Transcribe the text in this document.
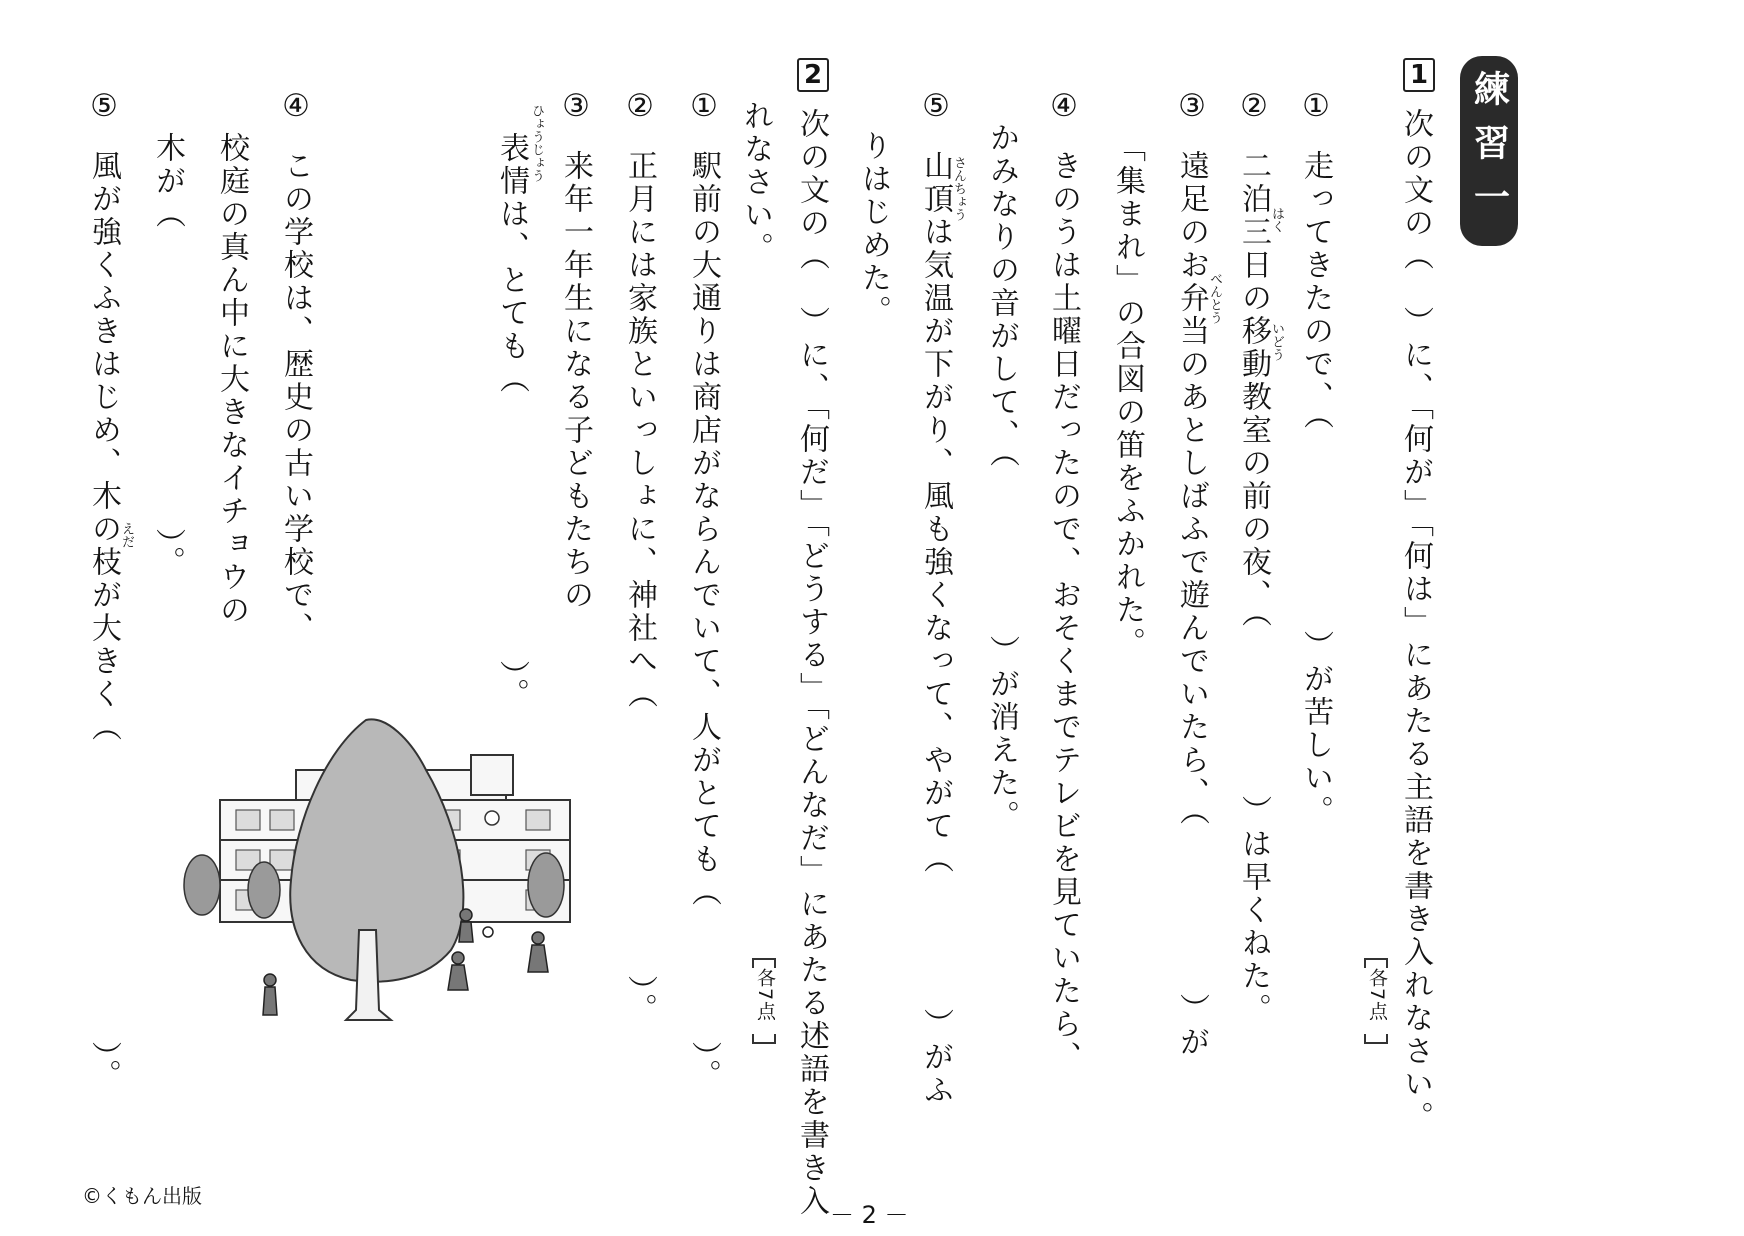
練習一
1
次の文の（　）に、「何が」「何は」にあたる主語を書き入れなさい。
各7点
①
②
③
④
⑤
走ってきたので、（　　　　　　）が苦しい。
二泊三日の移動教室の前の夜、（　　　　　）は早くねた。
遠足のお弁当のあとしばふで遊んでいたら、（　　　　　）が
「集まれ」の合図の笛をふかれた。
きのうは土曜日だったので、おそくまでテレビを見ていたら、
かみなりの音がして、（　　　　　）が消えた。
山頂は気温が下がり、風も強くなって、やがて（　　　　）がふ
りはじめた。	はく
いどう
べんとう
さんちょう
2
次の文の（　）に、「何だ」「どうする」「どんなだ」にあたる述語を書き入
れなさい。
各7点
①
②
③
④
⑤
駅前の大通りは商店がならんでいて、人がとても（　　　　）。
正月には家族といっしょに、神社へ（　　　　　　　　）。
来年一年生になる子どもたちの
表情は、とても（　　　　　　　　）。
この学校は、歴史の古い学校で、
校庭の真ん中に大きなイチョウの
木が（　　　　　　　　　）。
風が強くふきはじめ、木の枝が大きく（　　　　　　　　　）。
ひょうじょう
えだ
©くもん出版
－ 2 －
